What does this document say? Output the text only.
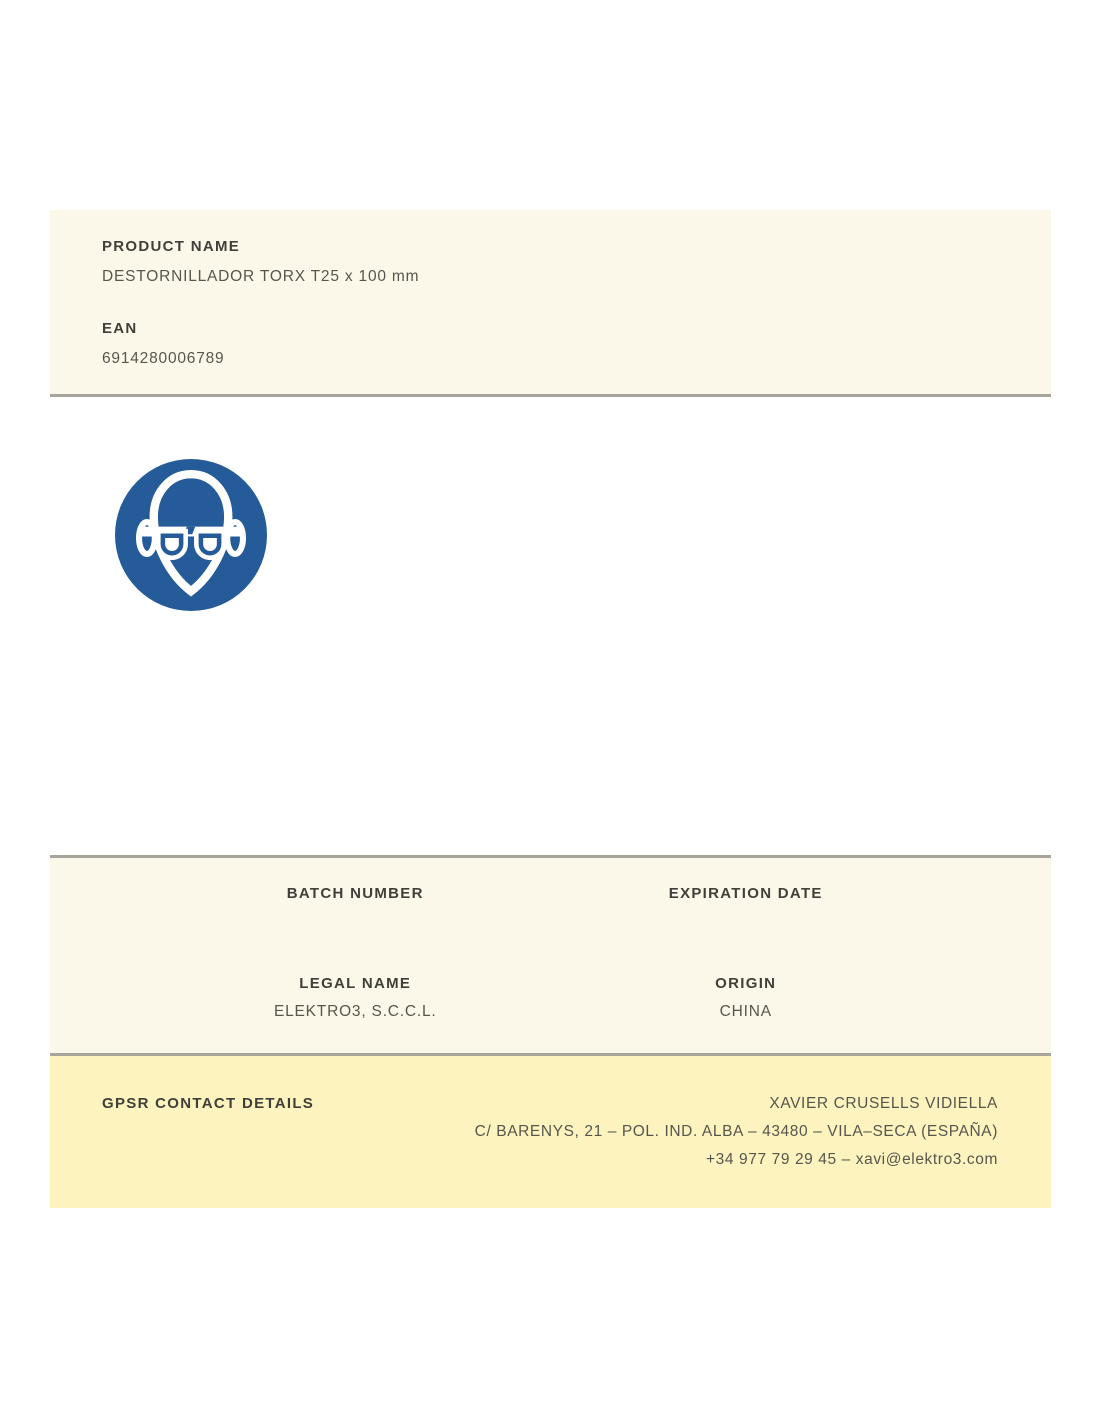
PRODUCT NAME
DESTORNILLADOR TORX T25 x 100 mm
EAN
6914280006789
BATCH NUMBER	EXPIRATION DATE
LEGAL NAME
ELEKTRO3, S.C.C.L.
ORIGIN
CHINA
GPSR CONTACT DETAILS	XAVIER CRUSELLS VIDIELLA
C/ BARENYS, 21 – POL. IND. ALBA – 43480 – VILA–SECA (ESPAÑA)
+34 977 79 29 45 – xavi@elektro3.com
